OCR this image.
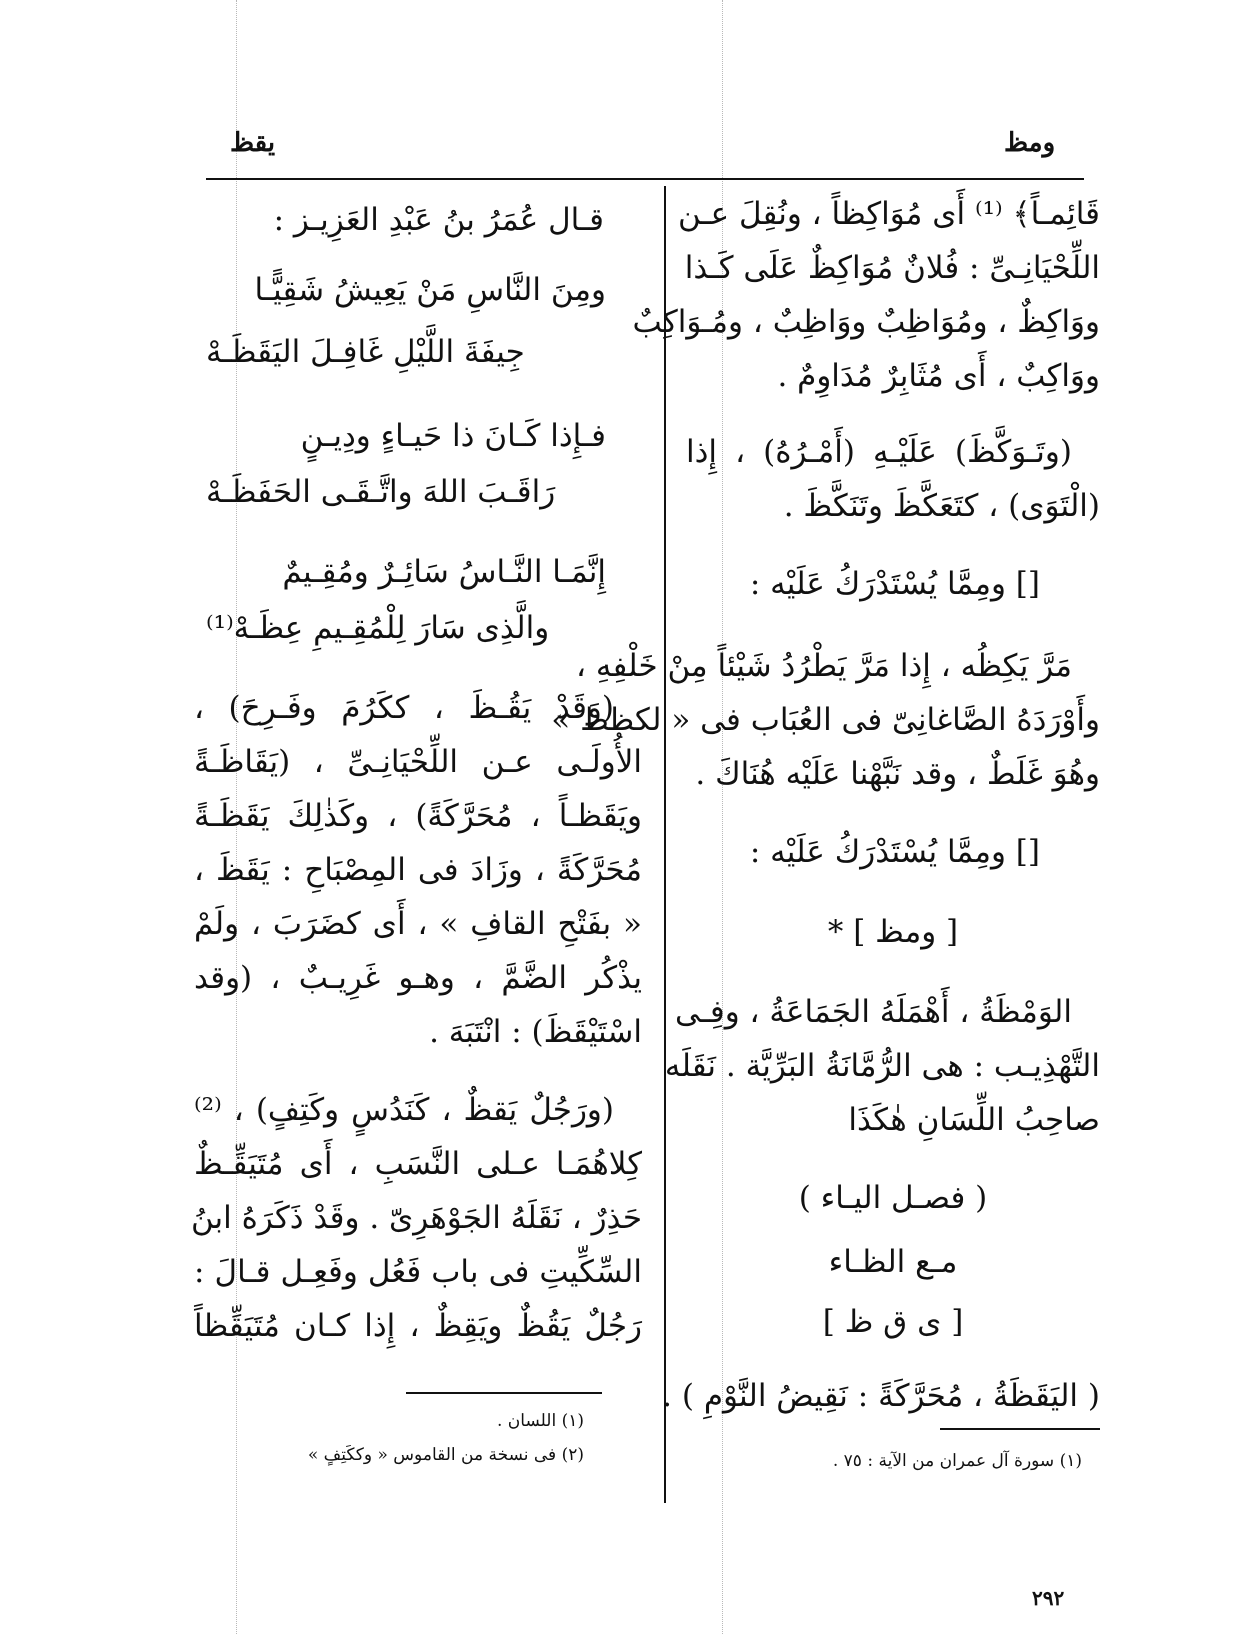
ومظ
يقظ
قَائِمـاً﴾ ⁽¹⁾ أَى مُوَاكِظاً ، ونُقِلَ عـن
اللِّحْيَانِـىِّ : فُلانٌ مُوَاكِظٌ عَلَى كَـذا
ووَاكِظٌ ، ومُوَاظِبٌ ووَاظِبٌ ، ومُـوَاكِبٌ
ووَاكِبٌ ، أَى مُثَابِرٌ مُدَاوِمٌ .
(وتَـوَكَّظَ) عَلَيْـهِ (أَمْـرُهُ) ، إِذا
(الْتَوَى) ، كتَعَكَّظَ وتَنَكَّظَ .
[] ومِمَّا يُسْتَدْرَكُ عَلَيْه :
مَرَّ يَكِظُه ، إِذا مَرَّ يَطْرُدُ شَيْئاً مِنْ خَلْفِهِ ،
وأَوْرَدَهُ الصَّاغانِىّ فى العُبَاب فى « لكظظ »
وهُوَ غَلَطٌ ، وقد نَبَّهْنا عَلَيْه هُنَاكَ .
[] ومِمَّا يُسْتَدْرَكُ عَلَيْه :
[ ومظ ] *
الوَمْظَةُ ، أَهْمَلَهُ الجَمَاعَةُ ، وفِـى
التَّهْذِيـب : هى الرُّمَّانَةُ البَرِّيَّة . نَقَلَه
صاحِبُ اللِّسَانِ هٰكَذَا
( فصـل اليـاء )
مـع الظـاء
[ ى ق ظ ]
( اليَقَظَةُ ، مُحَرَّكَةً : نَقِيضُ النَّوْمِ ) .
(١) سورة آل عمران من الآية : ٧٥ .
قـال عُمَرُ بنُ عَبْدِ العَزِيـز :
ومِنَ النَّاسِ مَنْ يَعِيشُ شَقِيًّـا
جِيفَةَ اللَّيْلِ غَافِـلَ اليَقَظَـهْ
فـإِذا كَـانَ ذا حَيـاءٍ ودِيـنٍ
رَاقَـبَ اللهَ واتَّـقَـى الحَفَظَـهْ
إِنَّمَـا النَّـاسُ سَائِـرٌ ومُقِـيمٌ
والَّذِى سَارَ لِلْمُقِـيمِ عِظَـهْ⁽¹⁾
(وَقَدْ يَقُـظَ ، ككَرُمَ وفَـرِحَ) ،
الأُولَـى عـن اللِّحْيَانِـىِّ ، (يَقَاظَـةً
ويَقَظـاً ، مُحَرَّكَةً) ، وكَذٰلِكَ يَقَظَـةً
مُحَرَّكَةً ، وزَادَ فى المِصْبَاحِ : يَقَظَ ،
« بفَتْحِ القافِ » ، أَى كضَرَبَ ، ولَمْ
يذْكُر الضَّمَّ ، وهـو غَرِيـبٌ ، (وقد
اسْتَيْقَظَ) : انْتَبَهَ .
(ورَجُلٌ يَقظٌ ، كَنَدُسٍ وكَتِفٍ) ، ⁽²⁾
كِلاهُمَـا عـلى النَّسَبِ ، أَى مُتَيَقِّـظٌ
حَذِرٌ ، نَقَلَهُ الجَوْهَرِىّ . وقَدْ ذَكَرَهُ ابنُ
السِّكِّيتِ فى باب فَعُل وفَعِـل قـالَ :
رَجُلٌ يَقُظٌ ويَقِظٌ ، إِذا كـان مُتَيَقِّظاً
(١) اللسان .
(٢) فى نسخة من القاموس « وككَتِفٍ »
٢٩٢
